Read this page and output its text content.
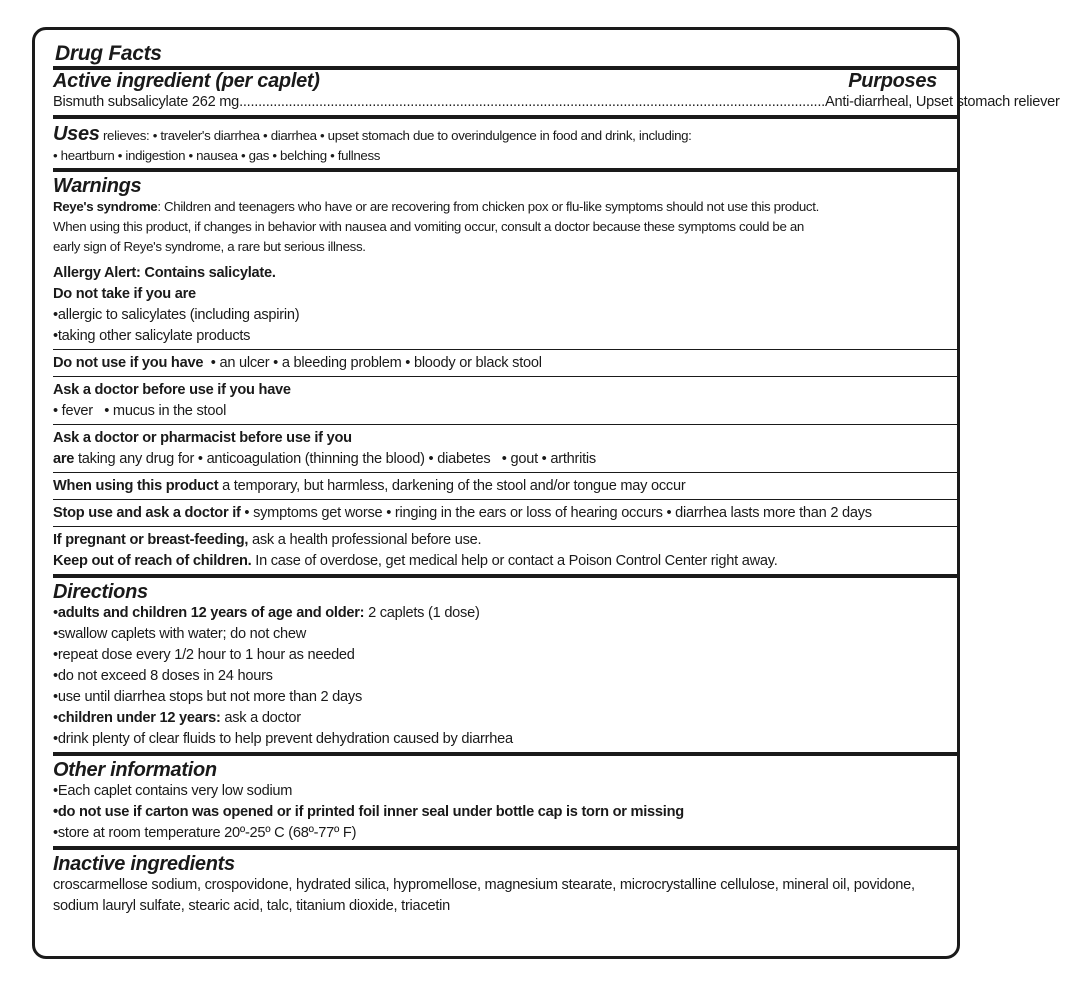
Drug Facts
Active ingredient (per caplet)	Purposes
Bismuth subsalicylate 262 mg .......................................................................................................................................................... Anti-diarrheal, Upset stomach reliever
Uses relieves: • traveler's diarrhea • diarrhea • upset stomach due to overindulgence in food and drink, including:
• heartburn • indigestion • nausea • gas • belching • fullness
Warnings
Reye's syndrome: Children and teenagers who have or are recovering from chicken pox or flu-like symptoms should not use this product.
When using this product, if changes in behavior with nausea and vomiting occur, consult a doctor because these symptoms could be an
early sign of Reye's syndrome, a rare but serious illness.
Allergy Alert: Contains salicylate.
Do not take if you are
• allergic to salicylates (including aspirin)
• taking other salicylate products
Do not use if you have  • an ulcer • a bleeding problem • bloody or black stool
Ask a doctor before use if you have
• fever   • mucus in the stool
Ask a doctor or pharmacist before use if you
are taking any drug for • anticoagulation (thinning the blood) • diabetes   • gout • arthritis
When using this product a temporary, but harmless, darkening of the stool and/or tongue may occur
Stop use and ask a doctor if • symptoms get worse • ringing in the ears or loss of hearing occurs • diarrhea lasts more than 2 days
If pregnant or breast-feeding, ask a health professional before use.
Keep out of reach of children. In case of overdose, get medical help or contact a Poison Control Center right away.
Directions
• adults and children 12 years of age and older: 2 caplets (1 dose)
• swallow caplets with water; do not chew
• repeat dose every 1/2 hour to 1 hour as needed
• do not exceed 8 doses in 24 hours
• use until diarrhea stops but not more than 2 days
• children under 12 years: ask a doctor
• drink plenty of clear fluids to help prevent dehydration caused by diarrhea
Other information
• Each caplet contains very low sodium
• do not use if carton was opened or if printed foil inner seal under bottle cap is torn or missing
• store at room temperature 20º-25º C (68º-77º F)
Inactive ingredients
croscarmellose sodium, crospovidone, hydrated silica, hypromellose, magnesium stearate, microcrystalline cellulose, mineral oil, povidone,
sodium lauryl sulfate, stearic acid, talc, titanium dioxide, triacetin
